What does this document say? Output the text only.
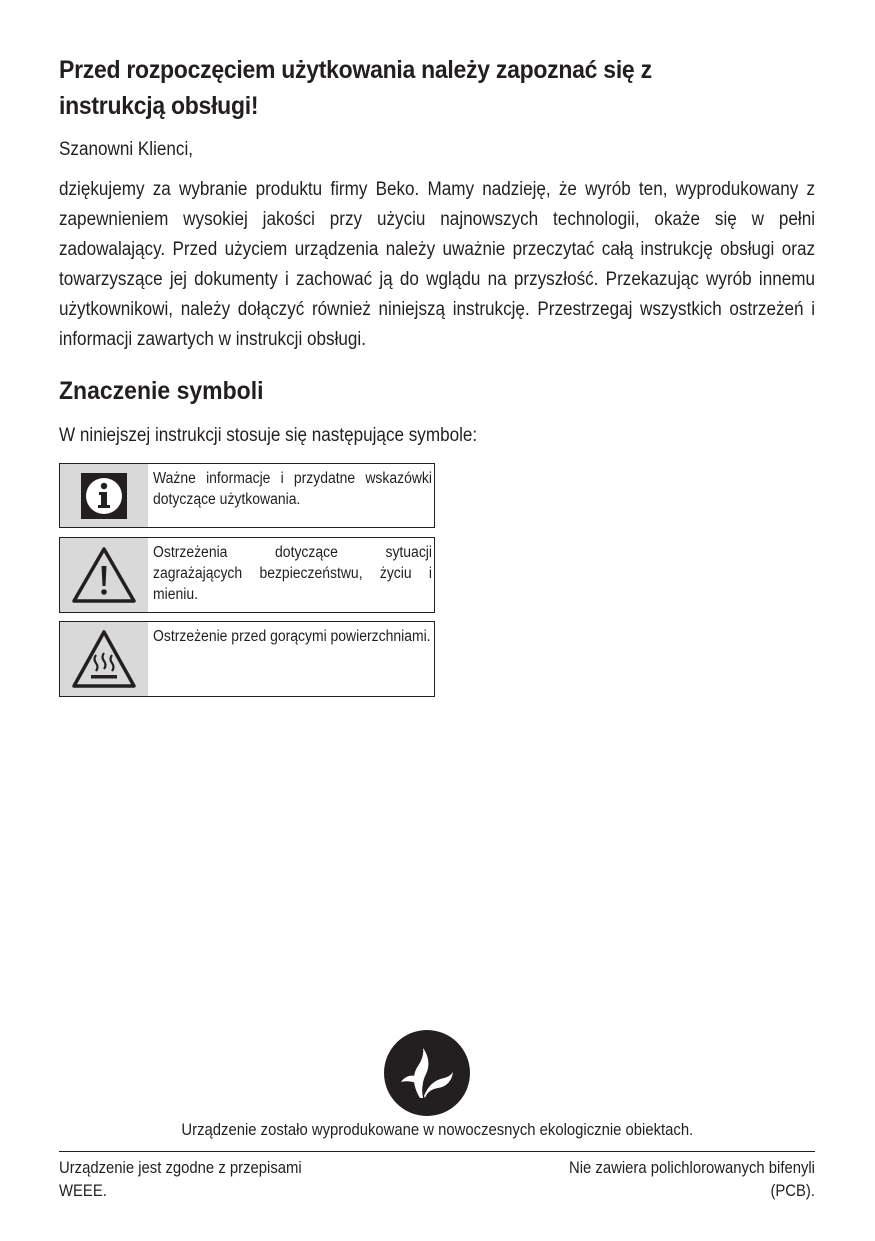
Przed rozpoczęciem użytkowania należy zapoznać się z instrukcją obsługi!

Szanowni Klienci,

dziękujemy za wybranie produktu firmy Beko. Mamy nadzieję, że wyrób ten, wyprodukowany z zapewnieniem wysokiej jakości przy użyciu najnowszych technologii, okaże się w pełni zadowalający. Przed użyciem urządzenia należy uważnie przeczytać całą instrukcję obsługi oraz towarzyszące jej dokumenty i zachować ją do wglądu na przyszłość. Przekazując wyrób innemu użytkownikowi, należy dołączyć również niniejszą instrukcję. Przestrzegaj wszystkich ostrzeżeń i informacji zawartych w instrukcji obsługi.

Znaczenie symboli

W niniejszej instrukcji stosuje się następujące symbole:

Ważne informacje i przydatne wskazówki dotyczące użytkowania.
Ostrzeżenia dotyczące sytuacji zagrażających bezpieczeństwu, życiu i mieniu.
Ostrzeżenie przed gorącymi powierzchniami.

Urządzenie zostało wyprodukowane w nowoczesnych ekologicznie obiektach.

Urządzenie jest zgodne z przepisami WEEE.

Nie zawiera polichlorowanych bifenyli (PCB).
